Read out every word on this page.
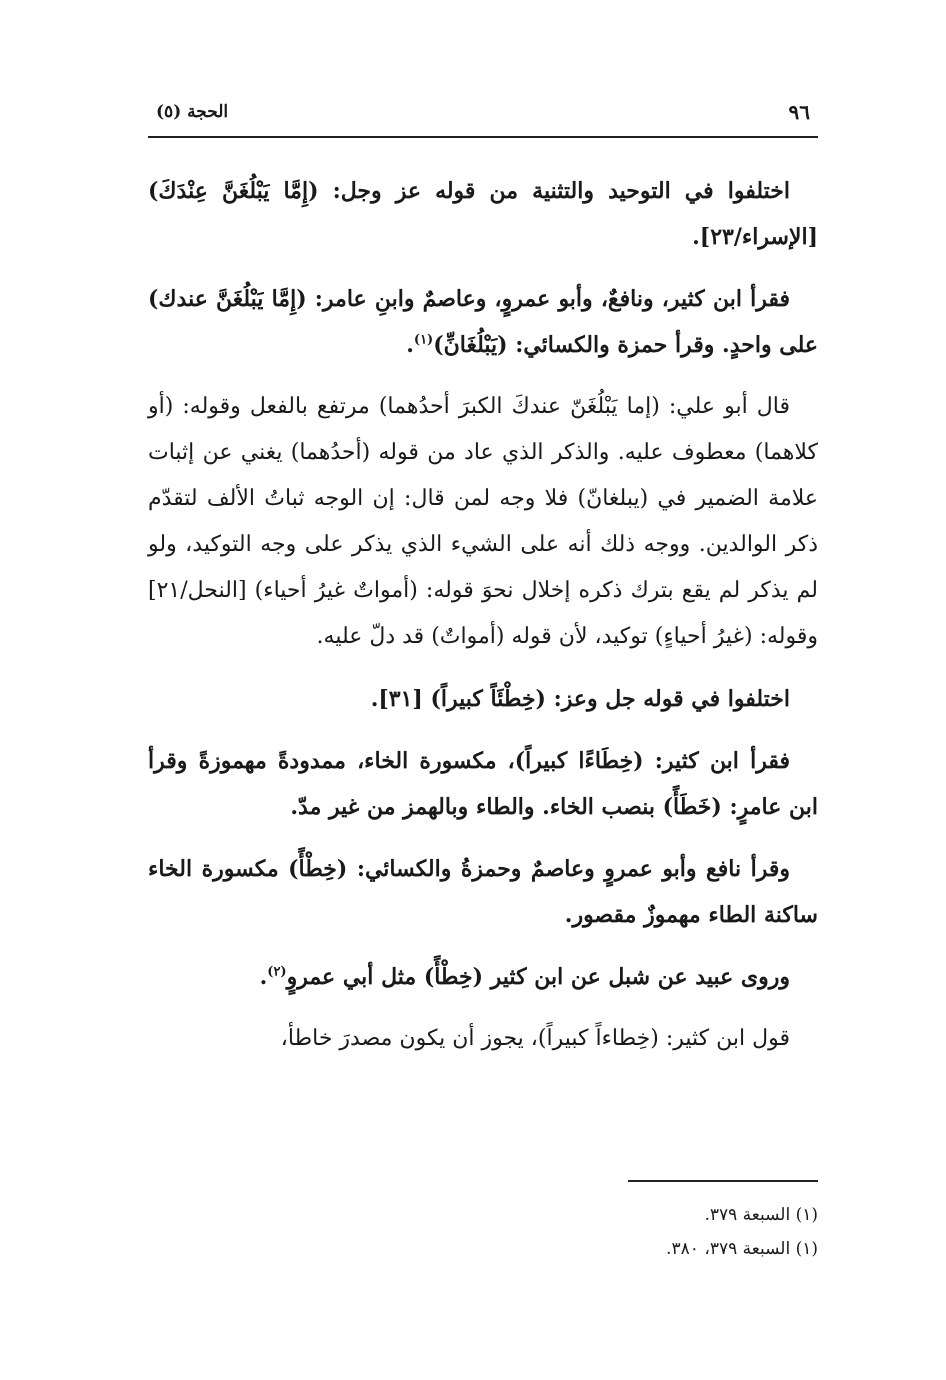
٩٦
الحجة (٥)

اختلفوا في التوحيد والتثنية من قوله عز وجل: (إِمَّا يَبْلُغَنَّ عِنْدَكَ) [الإسراء/٢٣].

فقرأ ابن كثير، ونافعٌ، وأبو عمروٍ، وعاصمٌ وابنِ عامر: (إِمَّا يَبْلُغَنَّ عندك) على واحدٍ. وقرأ حمزة والكسائي: (يَبْلُغَانِّ)$^{(١)}$.

قال أبو علي: (إما يَبْلُغَنّ عندكَ الكبرَ أحدُهما) مرتفع بالفعل وقوله: (أو كلاهما) معطوف عليه. والذكر الذي عاد من قوله (أحدُهما) يغني عن إثبات علامة الضمير في (يبلغانّ) فلا وجه لمن قال: إن الوجه ثباتُ الألف لتقدّم ذكر الوالدين. ووجه ذلك أنه على الشيء الذي يذكر على وجه التوكيد، ولو لم يذكر لم يقع بترك ذكره إخلال نحوَ قوله: (أمواتٌ غيرُ أحياء) [النحل/٢١] وقوله: (غيرُ أحياءٍ) توكيد، لأن قوله (أمواتٌ) قد دلّ عليه.

اختلفوا في قوله جل وعز: (خِطْئَاً كبيراً) [٣١].

فقرأ ابن كثير: (خِطَاءًا كبيراً)، مكسورة الخاء، ممدودةً مهموزةً وقرأ ابن عامرٍ: (خَطَأً) بنصب الخاء. والطاء وبالهمز من غير مدّ.

وقرأ نافع وأبو عمروٍ وعاصمٌ وحمزةُ والكسائي: (خِطْأً) مكسورة الخاء ساكنة الطاء مهموزٌ مقصور.

وروى عبيد عن شبل عن ابن كثير (خِطْأً) مثل أبي عمروٍ$^{(٢)}$.

قول ابن كثير: (خِطاءاً كبيراً)، يجوز أن يكون مصدرَ خاطأ،

(١) السبعة ٣٧٩.

(١) السبعة ٣٧٩، ٣٨٠.
